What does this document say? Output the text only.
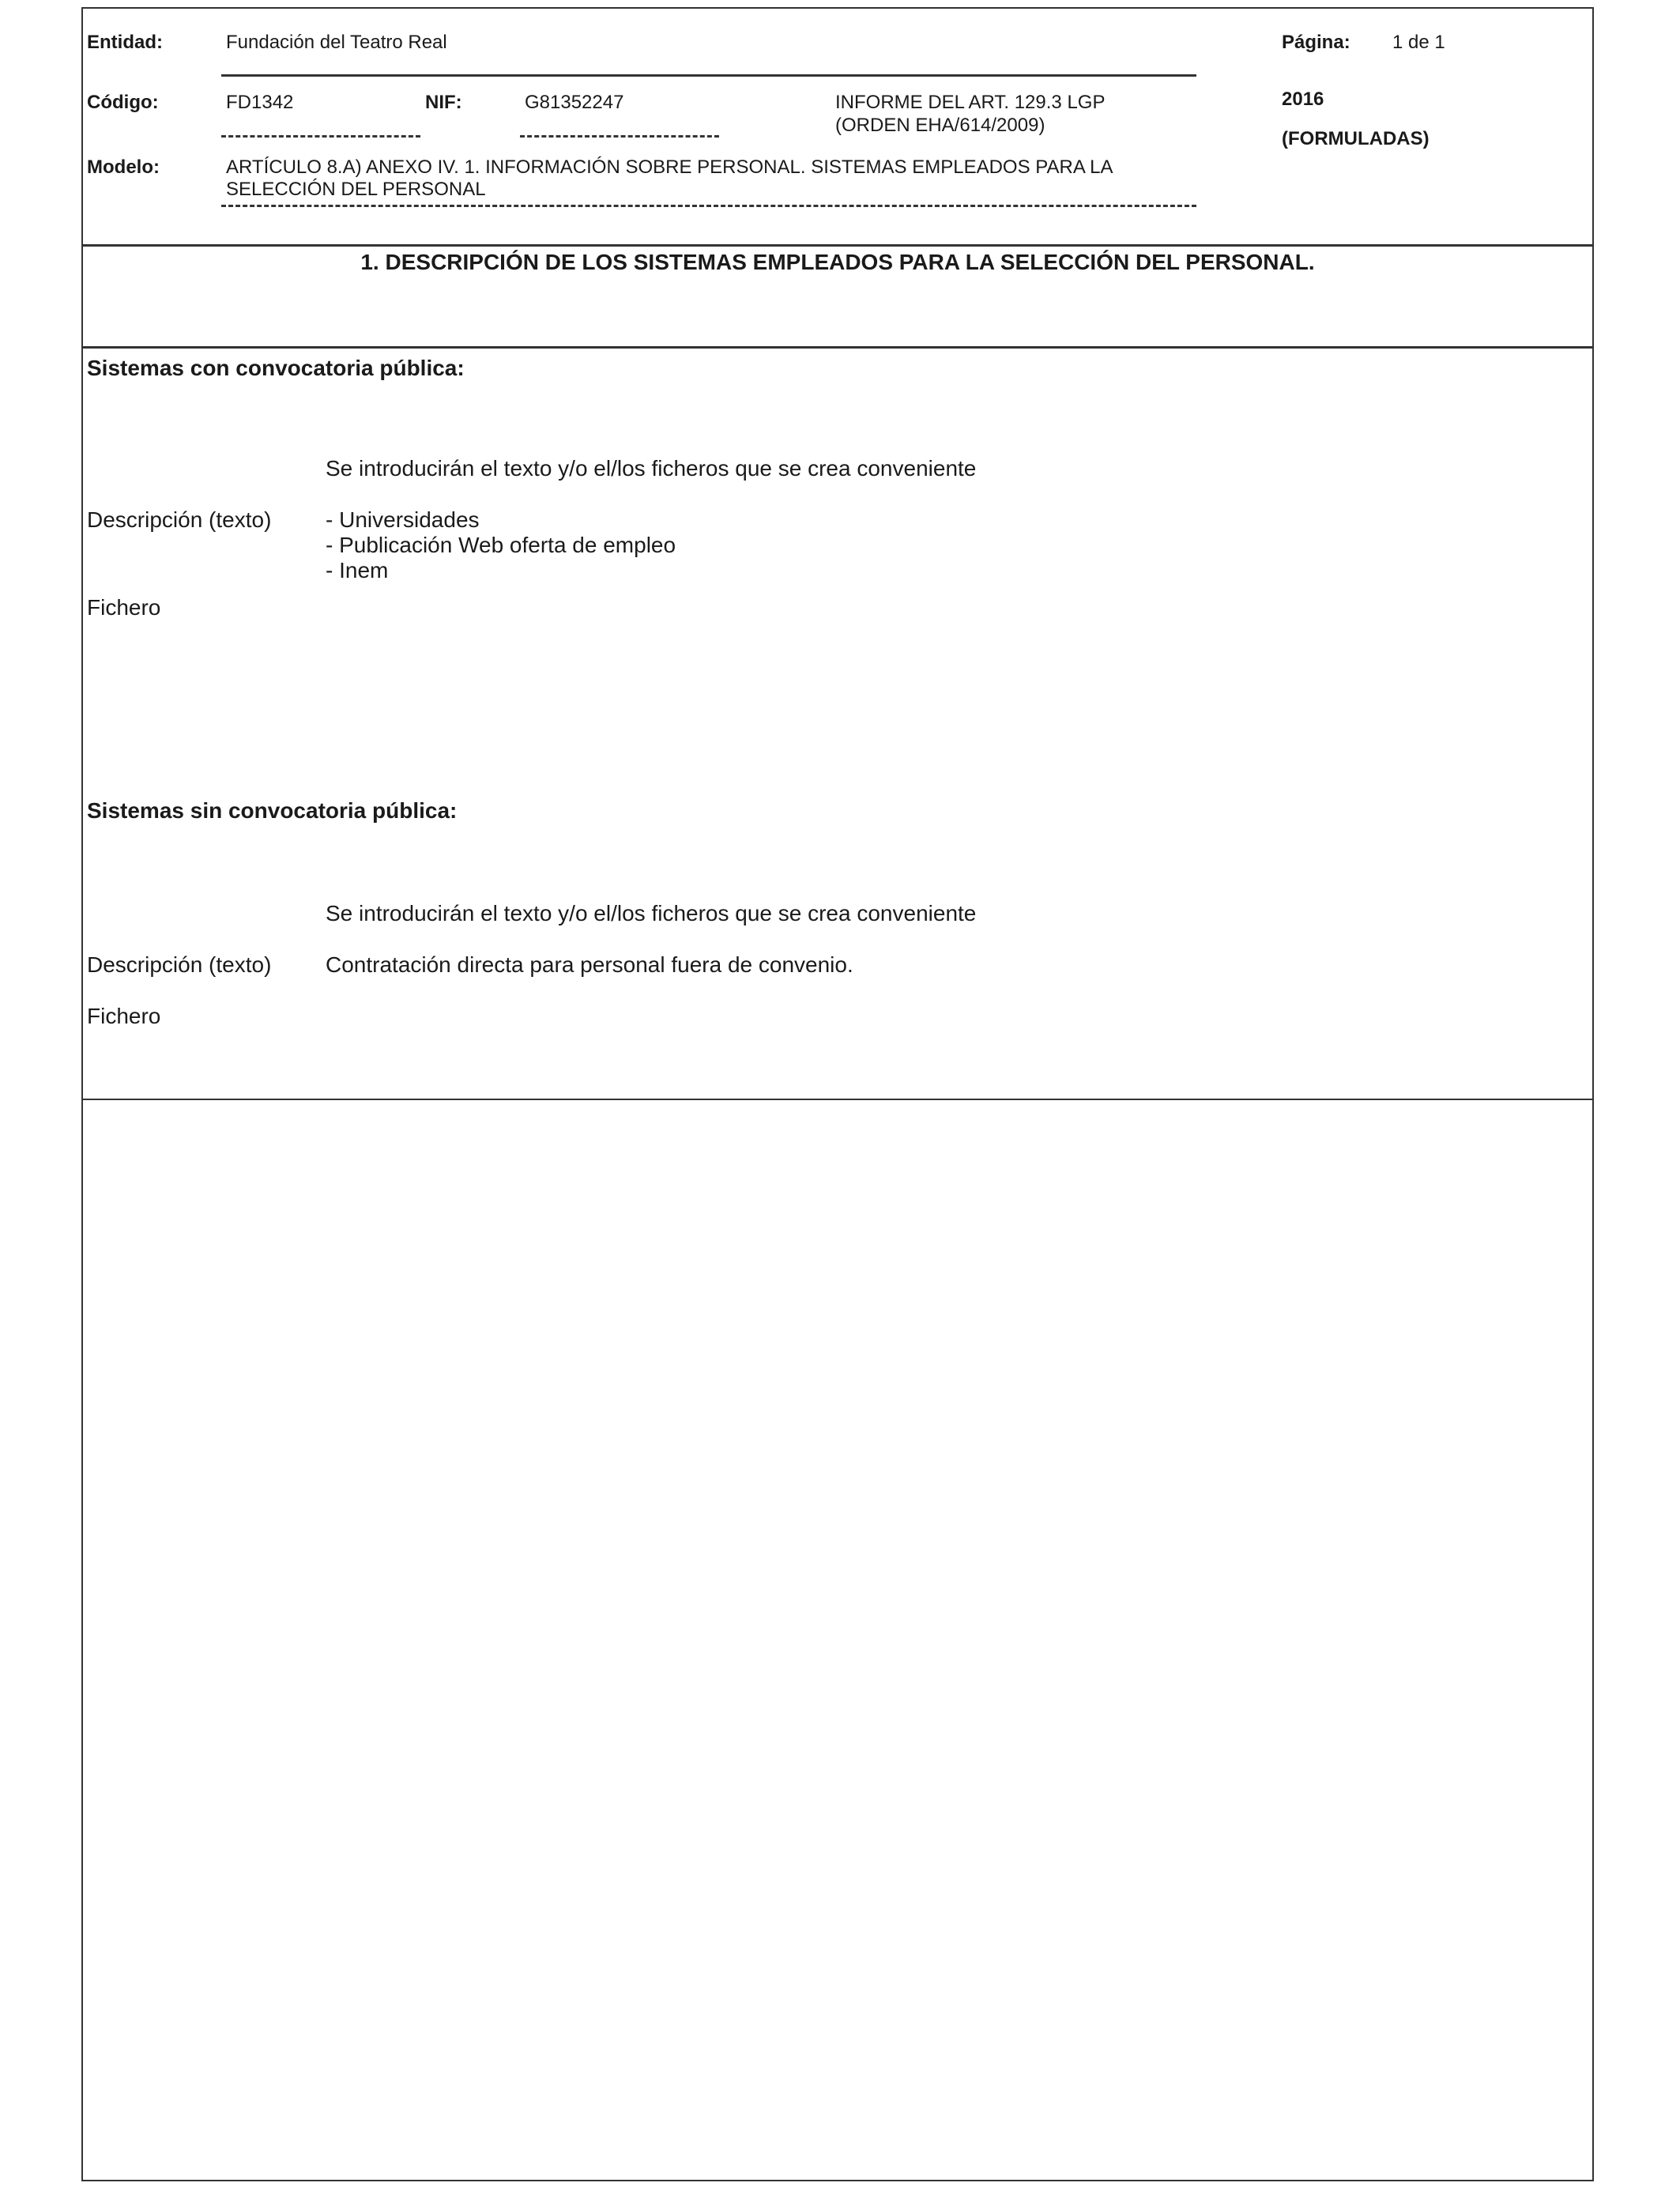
Entidad:	Fundación del Teatro Real	Página: 1 de 1
Código:	FD1342	NIF:	G81352247	INFORME DEL ART. 129.3 LGP
(ORDEN EHA/614/2009)
2016
(FORMULADAS)
Modelo:	ARTÍCULO 8.A) ANEXO IV. 1. INFORMACIÓN SOBRE PERSONAL. SISTEMAS EMPLEADOS PARA LA
SELECCIÓN DEL PERSONAL
1. DESCRIPCIÓN DE LOS SISTEMAS EMPLEADOS PARA LA SELECCIÓN DEL PERSONAL.
Sistemas con convocatoria pública:
Se introducirán el texto y/o el/los ficheros que se crea conveniente
Descripción (texto) - Universidades
- Publicación Web oferta de empleo
- Inem
Fichero
Sistemas sin convocatoria pública:
Se introducirán el texto y/o el/los ficheros que se crea conveniente
Descripción (texto) Contratación directa para personal fuera de convenio.
Fichero
